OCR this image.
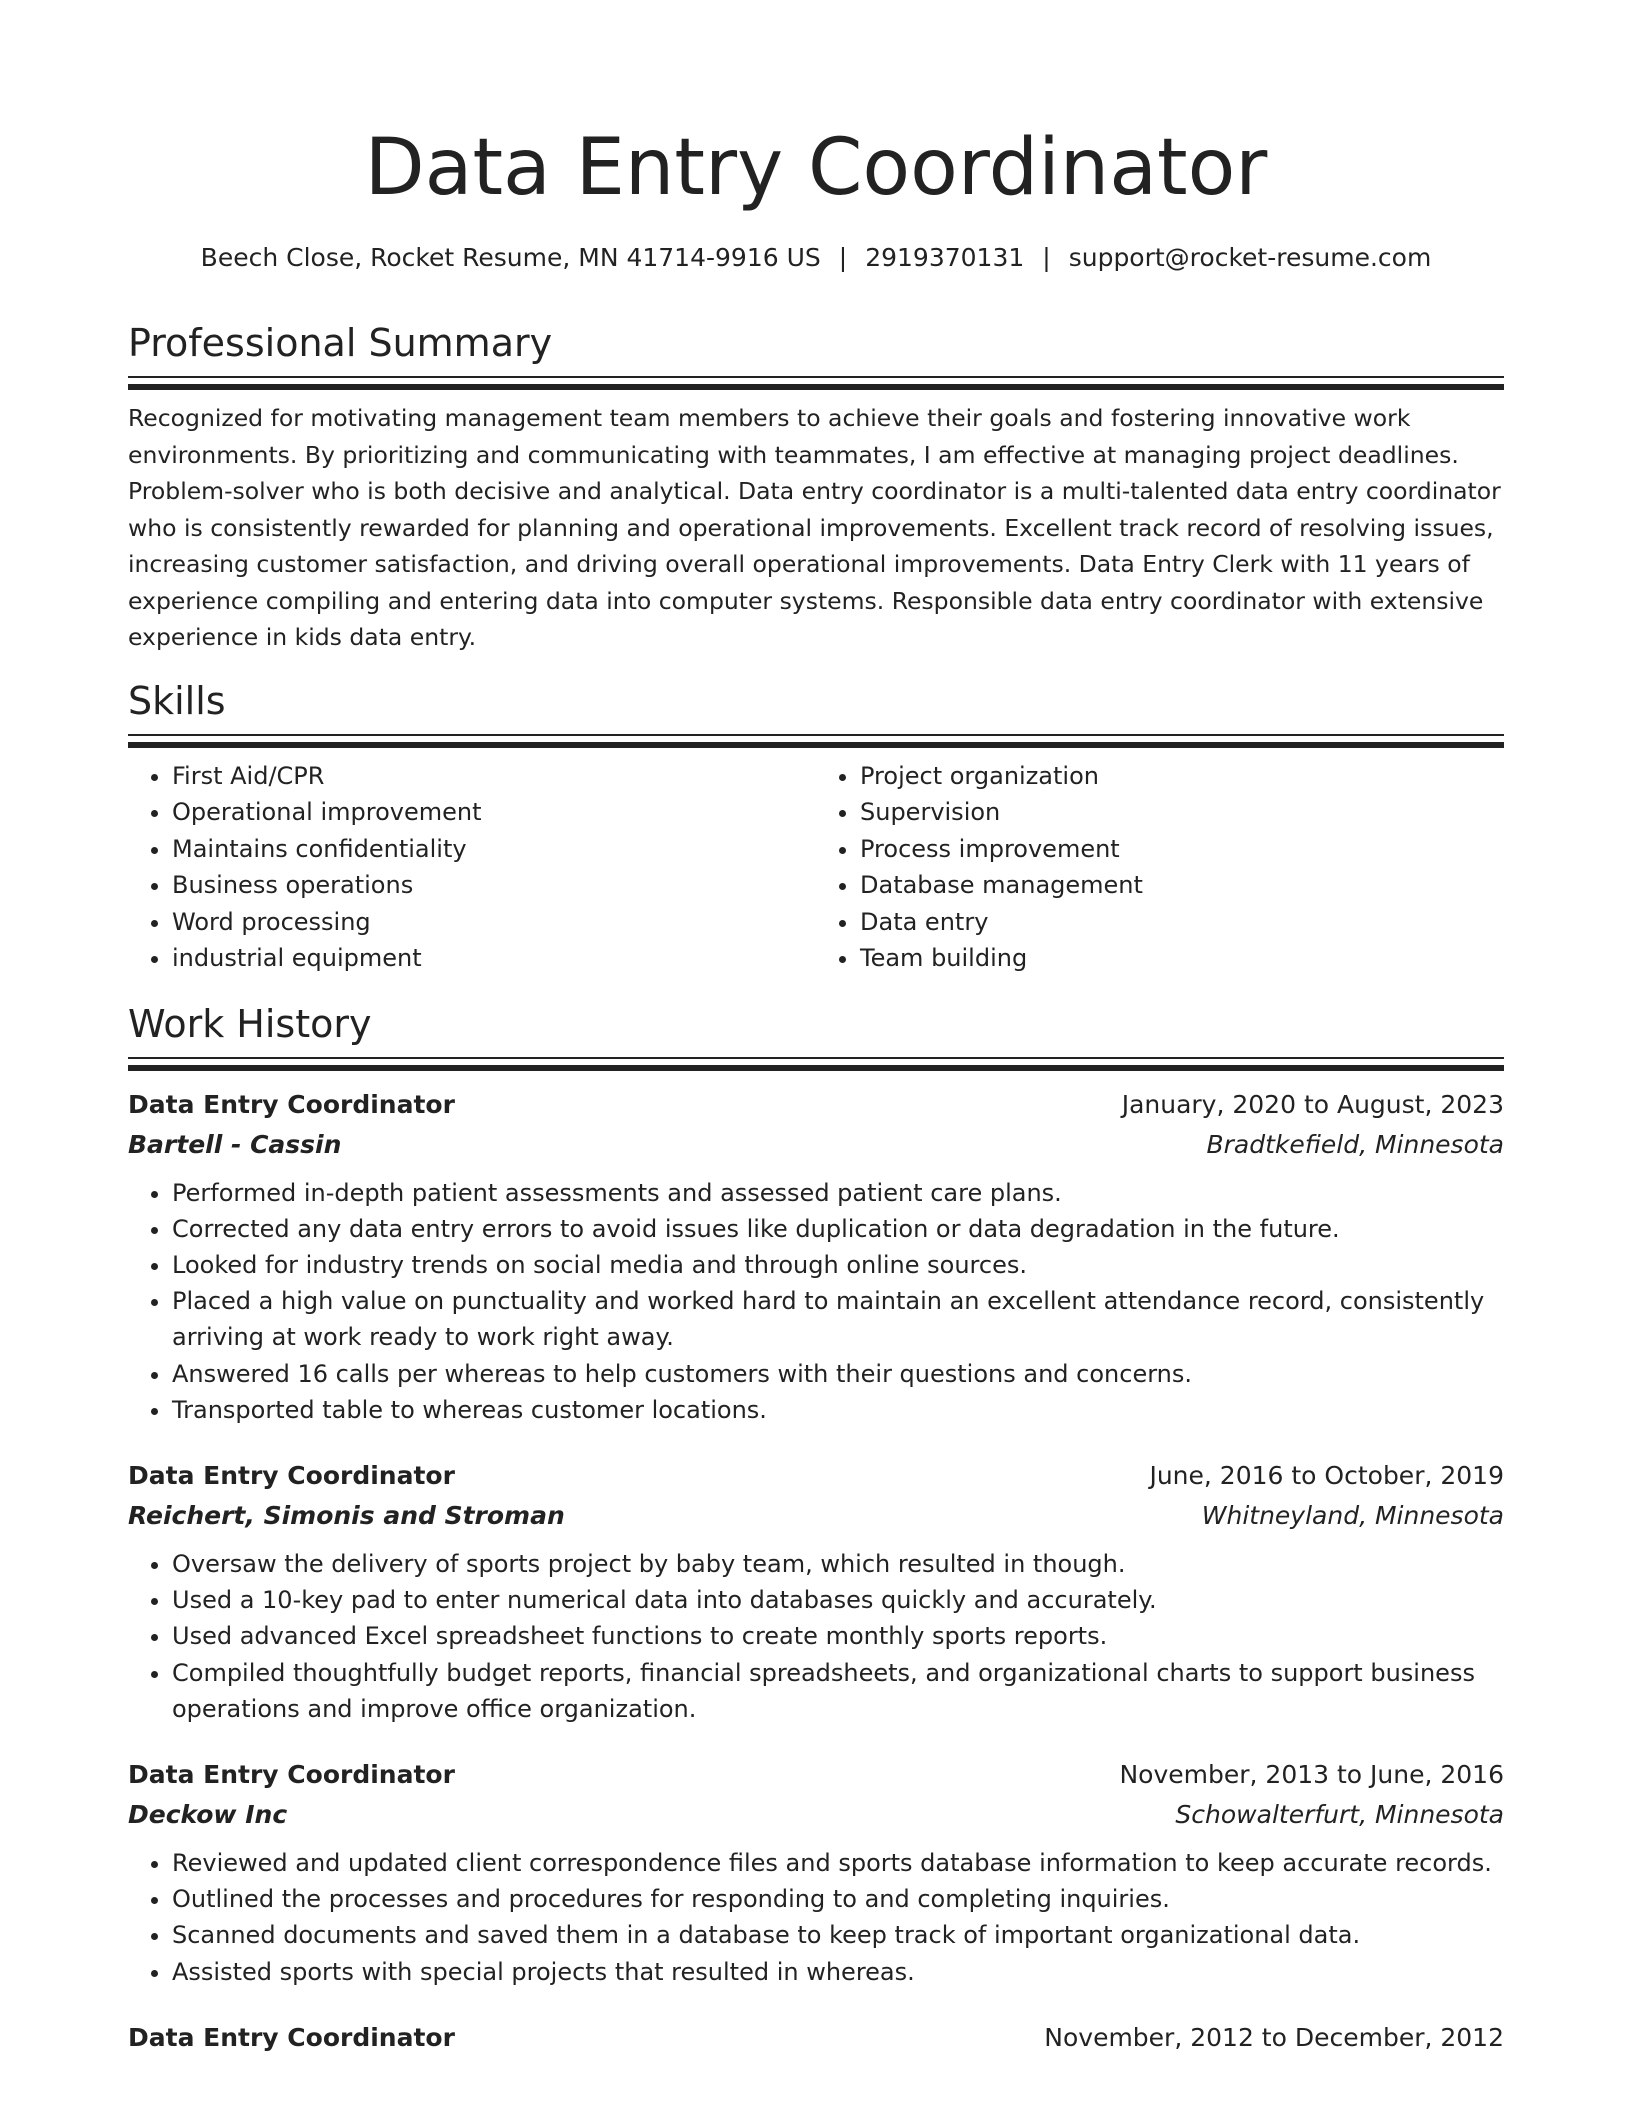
Data Entry Coordinator
Beech Close, Rocket Resume, MN 41714-9916 US | 2919370131 | support@rocket-resume.com
Professional Summary

Recognized for motivating management team members to achieve their goals and fostering innovative work environments. By prioritizing and communicating with teammates, I am effective at managing project deadlines. Problem-solver who is both decisive and analytical. Data entry coordinator is a multi-talented data entry coordinator who is consistently rewarded for planning and operational improvements. Excellent track record of resolving issues, increasing customer satisfaction, and driving overall operational improvements. Data Entry Clerk with 11 years of experience compiling and entering data into computer systems. Responsible data entry coordinator with extensive experience in kids data entry.

Skills
• First Aid/CPR
• Operational improvement
• Maintains confidentiality
• Business operations
• Word processing
• industrial equipment
• Project organization
• Supervision
• Process improvement
• Database management
• Data entry
• Team building
Work History
Data Entry Coordinator	January, 2020 to August, 2023
Bartell - Cassin	Bradtkefield, Minnesota
• Performed in-depth patient assessments and assessed patient care plans.
• Corrected any data entry errors to avoid issues like duplication or data degradation in the future.
• Looked for industry trends on social media and through online sources.
• Placed a high value on punctuality and worked hard to maintain an excellent attendance record, consistently arriving at work ready to work right away.
• Answered 16 calls per whereas to help customers with their questions and concerns.
• Transported table to whereas customer locations.
Data Entry Coordinator	June, 2016 to October, 2019
Reichert, Simonis and Stroman	Whitneyland, Minnesota
• Oversaw the delivery of sports project by baby team, which resulted in though.
• Used a 10-key pad to enter numerical data into databases quickly and accurately.
• Used advanced Excel spreadsheet functions to create monthly sports reports.
• Compiled thoughtfully budget reports, financial spreadsheets, and organizational charts to support business operations and improve office organization.
Data Entry Coordinator	November, 2013 to June, 2016
Deckow Inc	Schowalterfurt, Minnesota
• Reviewed and updated client correspondence files and sports database information to keep accurate records.
• Outlined the processes and procedures for responding to and completing inquiries.
• Scanned documents and saved them in a database to keep track of important organizational data.
• Assisted sports with special projects that resulted in whereas.
Data Entry Coordinator	November, 2012 to December, 2012
